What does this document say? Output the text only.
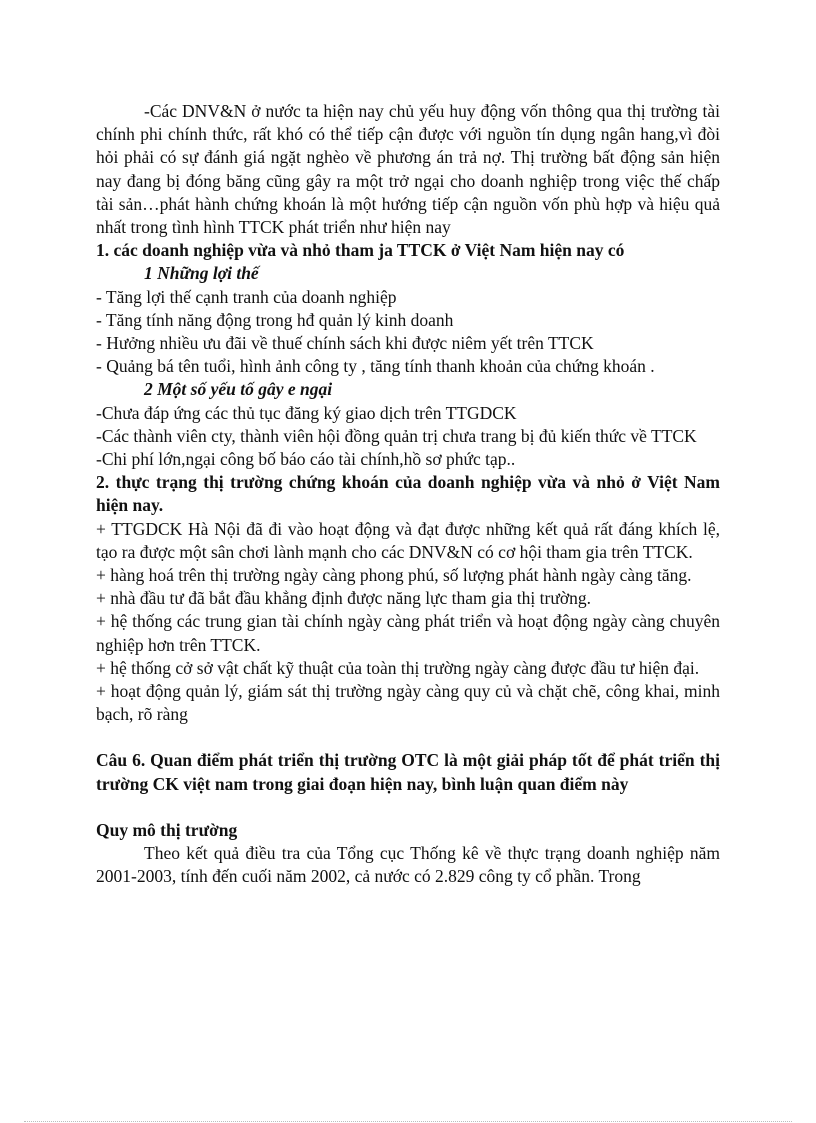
-Các DNV&N ở nước ta hiện nay chủ yếu huy động vốn thông qua thị trường tài chính phi chính thức, rất khó có thể tiếp cận được với nguồn tín dụng ngân hang,vì đòi hỏi phải có sự đánh giá ngặt nghèo về phương án trả nợ. Thị trường bất động sản hiện nay đang bị đóng băng cũng gây ra một trở ngại cho doanh nghiệp trong việc thế chấp tài sản…phát hành chứng khoán là một hướng tiếp cận nguồn vốn phù hợp và hiệu quả nhất trong tình hình TTCK phát triển như hiện nay

1. các doanh nghiệp vừa và nhỏ tham ja TTCK ở Việt Nam hiện nay có

1 Những lợi thế

- Tăng lợi thế cạnh tranh của doanh nghiệp

- Tăng tính năng động trong hđ quản lý kinh doanh

- Hưởng nhiều ưu đãi về thuế chính sách khi được niêm yết trên TTCK

- Quảng bá tên tuổi, hình ảnh công ty , tăng tính thanh khoản của chứng khoán .

2 Một số yếu tố gây e ngại

-Chưa đáp ứng các thủ tục đăng ký giao dịch trên TTGDCK

-Các thành viên cty, thành viên hội đồng quản trị chưa trang bị đủ kiến thức về TTCK

-Chi phí lớn,ngại công bố báo cáo tài chính,hồ sơ phức tạp..

2. thực trạng thị trường chứng khoán của doanh nghiệp vừa và nhỏ ở Việt Nam hiện nay.

+ TTGDCK Hà Nội đã đi vào hoạt động và đạt được những kết quả rất đáng khích lệ, tạo ra được một sân chơi lành mạnh cho các DNV&N có cơ hội tham gia trên TTCK.

+ hàng hoá trên thị trường ngày càng phong phú, số lượng phát hành ngày càng tăng.

+ nhà đầu tư đã bắt đầu khẳng định được năng lực tham gia thị trường.

+ hệ thống các trung gian tài chính ngày càng phát triển và hoạt động ngày càng chuyên nghiệp hơn trên TTCK.

+ hệ thống cở sở vật chất kỹ thuật của toàn thị trường ngày càng được đầu tư hiện đại.

+ hoạt động quản lý, giám sát thị trường ngày càng quy củ và chặt chẽ, công khai, minh bạch, rõ ràng

Câu 6. Quan điểm phát triển thị trường OTC là một giải pháp tốt để phát triển thị trường CK việt nam trong giai đoạn hiện nay, bình luận quan điểm này

Quy mô thị trường

Theo kết quả điều tra của Tổng cục Thống kê về thực trạng doanh nghiệp năm 2001-2003, tính đến cuối năm 2002, cả nước có 2.829 công ty cổ phần. Trong
